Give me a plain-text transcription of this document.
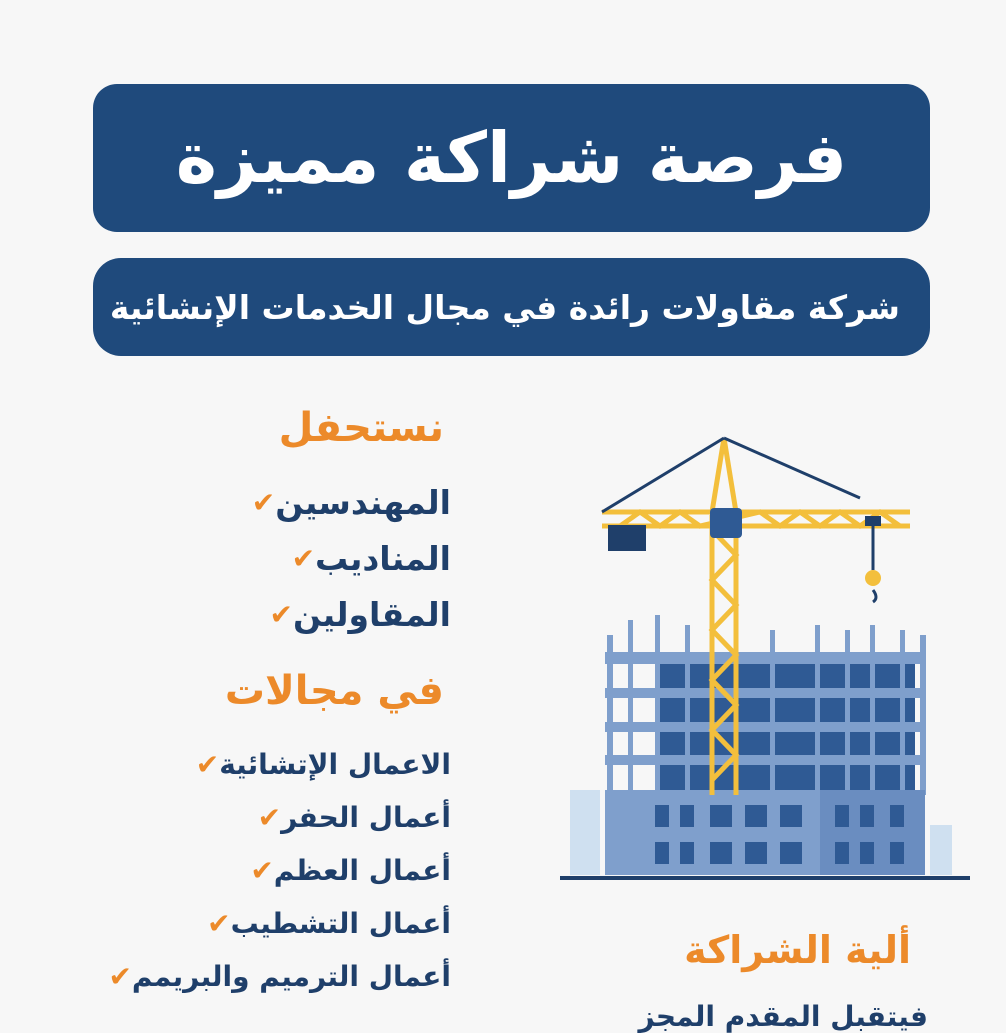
فرصة شراكة مميزة
شركة مقاولات رائدة في مجال الخدمات الإنشائية
نستحفل
✔ المهندسين
✔ المناديب
✔ المقاولين
في مجالات
✔ الاعمال الإتشائية
✔ أعمال الحفر
✔ أعمال العظم
✔ أعمال التشطيب
✔ أعمال الترميم والبريمم
ألية الشراكة
فيتقبل المقدم المجز
